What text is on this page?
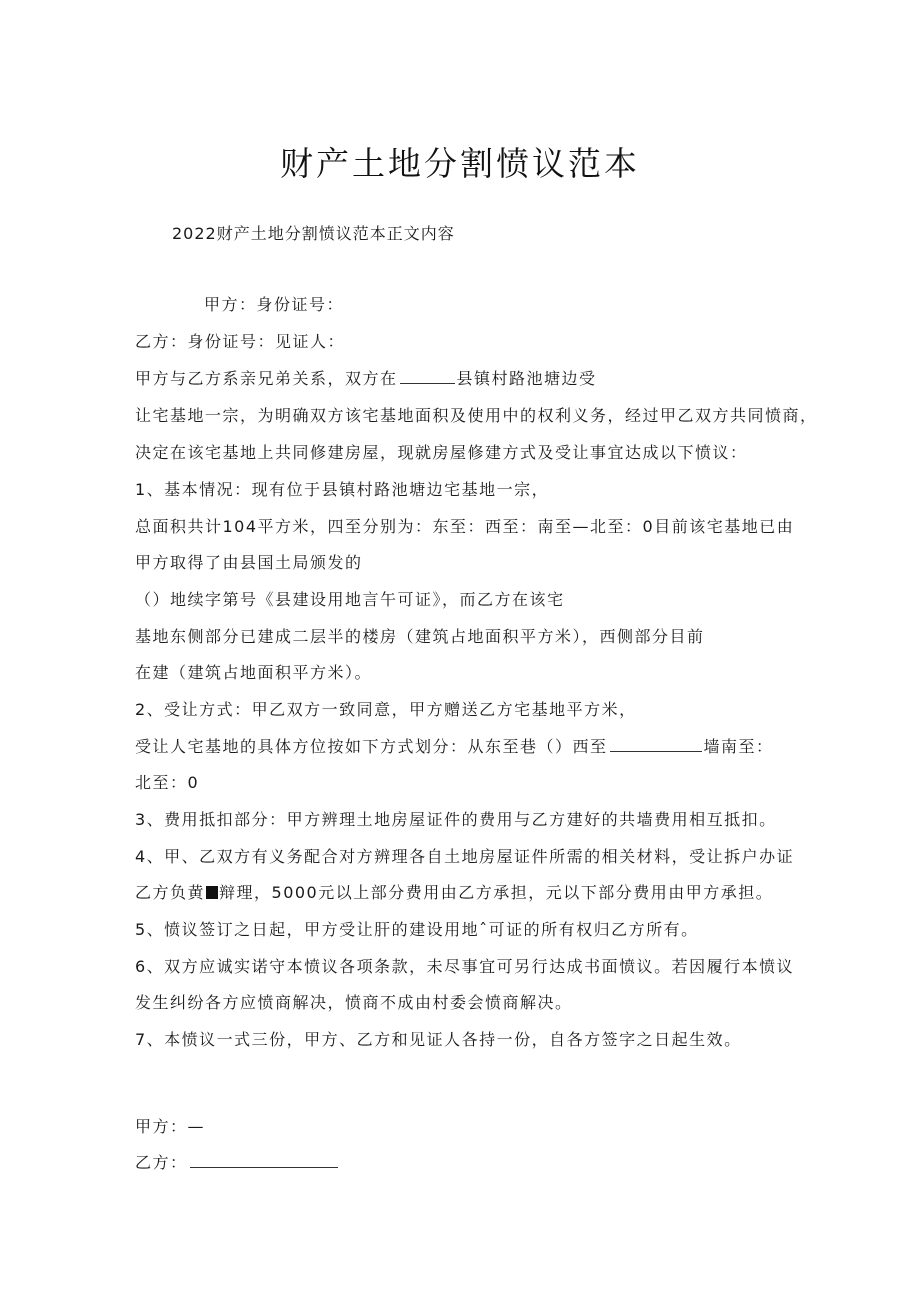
财产土地分割愤议范本
2022财产土地分割愤议范本正文内容
甲方：身份证号：
乙方：身份证号：见证人：
甲方与乙方系亲兄弟关系，双方在	县镇村路池塘边受
让宅基地一宗，为明确双方该宅基地面积及使用中的权利义务，经过甲乙双方共同愤商，
决定在该宅基地上共同修建房屋，现就房屋修建方式及受让事宜达成以下愤议：
1、基本情况：现有位于县镇村路池塘边宅基地一宗，
总面积共计104平方米，四至分别为：东至：西至：南至—北至：0目前该宅基地已由
甲方取得了由县国土局颁发的
（）地续字第号《县建设用地言午可证》，而乙方在该宅
基地东侧部分已建成二层半的楼房（建筑占地面积平方米），西侧部分目前
在建（建筑占地面积平方米）。
2、受让方式：甲乙双方一致同意，甲方赠送乙方宅基地平方米，
受让人宅基地的具体方位按如下方式划分：从东至巷（）西至	墙南至：
北至：0
3、费用抵扣部分：甲方辨理土地房屋证件的费用与乙方建好的共墙费用相互抵扣。
4、甲、乙双方有义务配合对方辨理各自土地房屋证件所需的相关材料，受让拆户办证
乙方负黄 辩理，5000元以上部分费用由乙方承担，元以下部分费用由甲方承担。
5、愤议签订之日起，甲方受让肝的建设用地ˆ可证的所有权归乙方所有。
6、双方应诚实诺守本愤议各项条款，未尽事宜可另行达成书面愤议。若因履行本愤议
发生纠纷各方应愤商解决，愤商不成由村委会愤商解决。
7、本愤议一式三份，甲方、乙方和见证人各持一份，自各方签字之日起生效。
甲方：—
乙方：
